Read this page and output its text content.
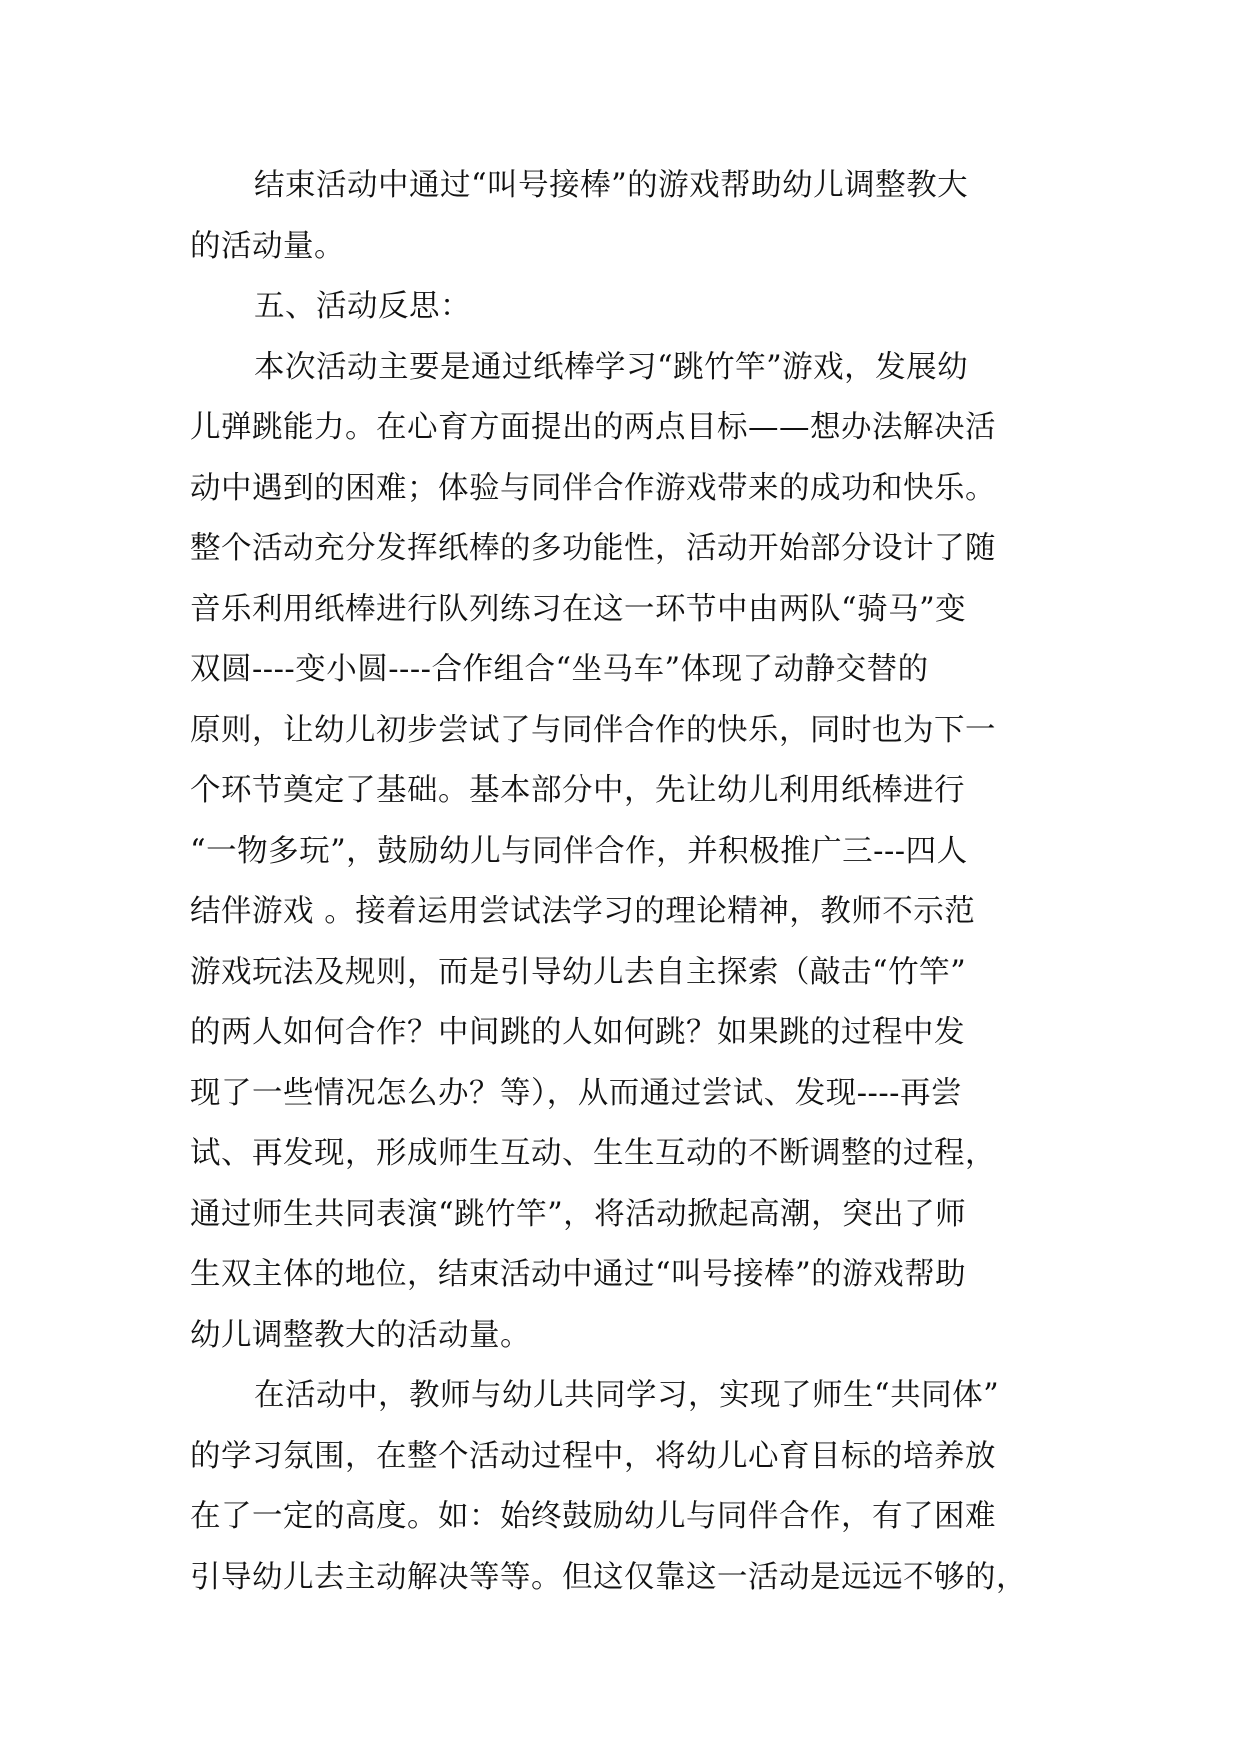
结束活动中通过“叫号接棒”的游戏帮助幼儿调整教大
的活动量。
五、活动反思：
本次活动主要是通过纸棒学习“跳竹竿”游戏，发展幼
儿弹跳能力。在心育方面提出的两点目标——想办法解决活
动中遇到的困难；体验与同伴合作游戏带来的成功和快乐。
整个活动充分发挥纸棒的多功能性，活动开始部分设计了随
音乐利用纸棒进行队列练习在这一环节中由两队“骑马”变
双圆----变小圆----合作组合“坐马车”体现了动静交替的
原则，让幼儿初步尝试了与同伴合作的快乐，同时也为下一
个环节奠定了基础。基本部分中，先让幼儿利用纸棒进行
“一物多玩”，鼓励幼儿与同伴合作，并积极推广三---四人
结伴游戏 。接着运用尝试法学习的理论精神，教师不示范
游戏玩法及规则，而是引导幼儿去自主探索（敲击“竹竿”
的两人如何合作？中间跳的人如何跳？如果跳的过程中发
现了一些情况怎么办？等），从而通过尝试、发现----再尝
试、再发现，形成师生互动、生生互动的不断调整的过程，
通过师生共同表演“跳竹竿”，将活动掀起高潮，突出了师
生双主体的地位，结束活动中通过“叫号接棒”的游戏帮助
幼儿调整教大的活动量。
在活动中，教师与幼儿共同学习，实现了师生“共同体”
的学习氛围，在整个活动过程中，将幼儿心育目标的培养放
在了一定的高度。如：始终鼓励幼儿与同伴合作，有了困难
引导幼儿去主动解决等等。但这仅靠这一活动是远远不够的，
